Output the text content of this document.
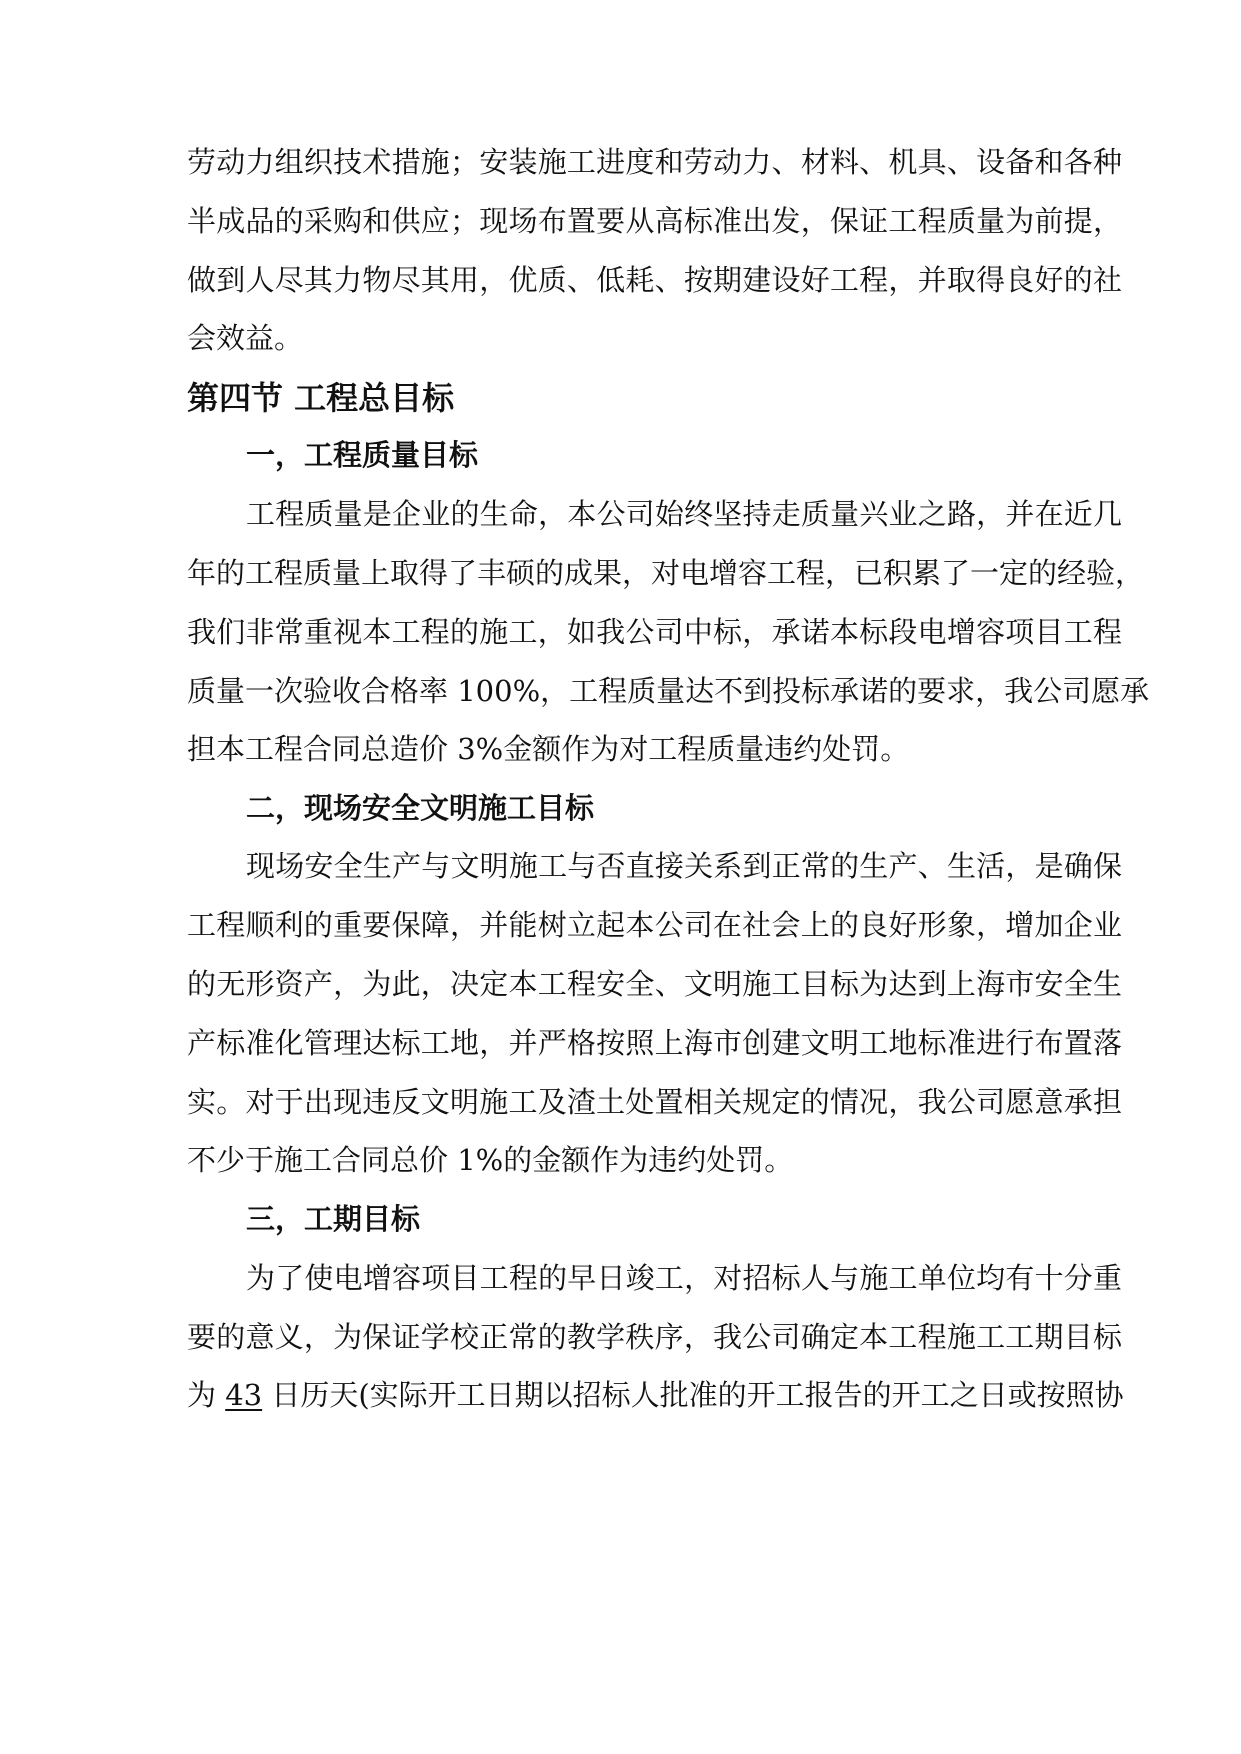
劳动力组织技术措施；安装施工进度和劳动力、材料、机具、设备和各种
半成品的采购和供应；现场布置要从高标准出发，保证工程质量为前提，
做到人尽其力物尽其用，优质、低耗、按期建设好工程，并取得良好的社
会效益。
第四节 工程总目标
一，工程质量目标
工程质量是企业的生命，本公司始终坚持走质量兴业之路，并在近几
年的工程质量上取得了丰硕的成果，对电增容工程，已积累了一定的经验，
我们非常重视本工程的施工，如我公司中标，承诺本标段电增容项目工程
质量一次验收合格率 100%，工程质量达不到投标承诺的要求，我公司愿承
担本工程合同总造价 3%金额作为对工程质量违约处罚。
二，现场安全文明施工目标
现场安全生产与文明施工与否直接关系到正常的生产、生活，是确保
工程顺利的重要保障，并能树立起本公司在社会上的良好形象，增加企业
的无形资产，为此，决定本工程安全、文明施工目标为达到上海市安全生
产标准化管理达标工地，并严格按照上海市创建文明工地标准进行布置落
实。对于出现违反文明施工及渣土处置相关规定的情况，我公司愿意承担
不少于施工合同总价 1%的金额作为违约处罚。
三，工期目标
为了使电增容项目工程的早日竣工，对招标人与施工单位均有十分重
要的意义，为保证学校正常的教学秩序，我公司确定本工程施工工期目标
为 43 日历天(实际开工日期以招标人批准的开工报告的开工之日或按照协
